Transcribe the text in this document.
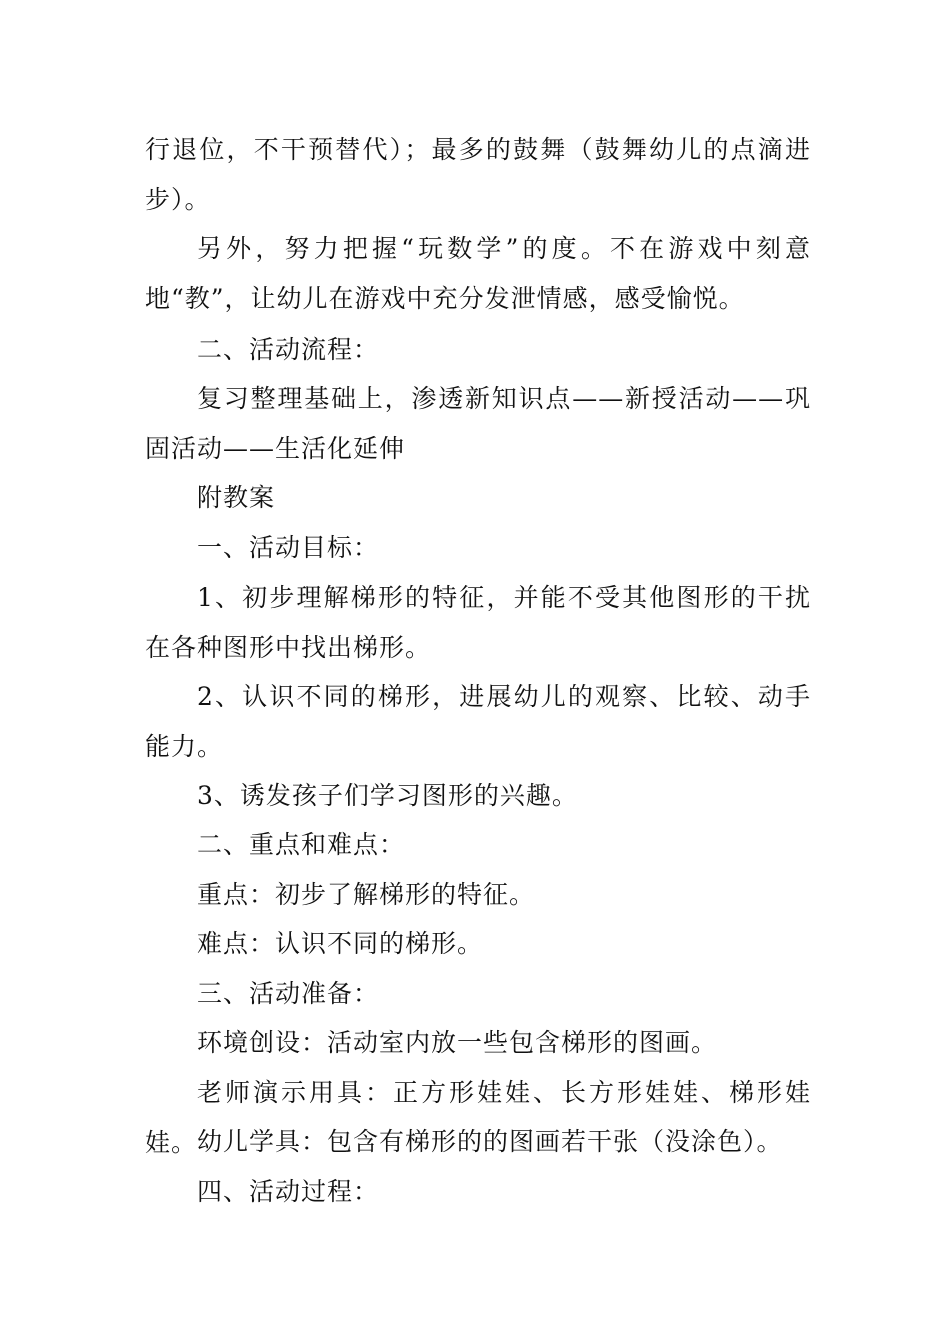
行退位，不干预替代）；最多的鼓舞（鼓舞幼儿的点滴进步）。

另外，努力把握“玩数学”的度。不在游戏中刻意地“教”，让幼儿在游戏中充分发泄情感，感受愉悦。

二、活动流程：

复习整理基础上，渗透新知识点——新授活动——巩固活动——生活化延伸

附教案

一、活动目标：

1、初步理解梯形的特征，并能不受其他图形的干扰在各种图形中找出梯形。

2、认识不同的梯形，进展幼儿的观察、比较、动手能力。

3、诱发孩子们学习图形的兴趣。

二、重点和难点：

重点：初步了解梯形的特征。

难点：认识不同的梯形。

三、活动准备：

环境创设：活动室内放一些包含梯形的图画。

老师演示用具：正方形娃娃、长方形娃娃、梯形娃娃。 幼儿学具：包含有梯形的的图画若干张（没涂色）。

四、活动过程：
